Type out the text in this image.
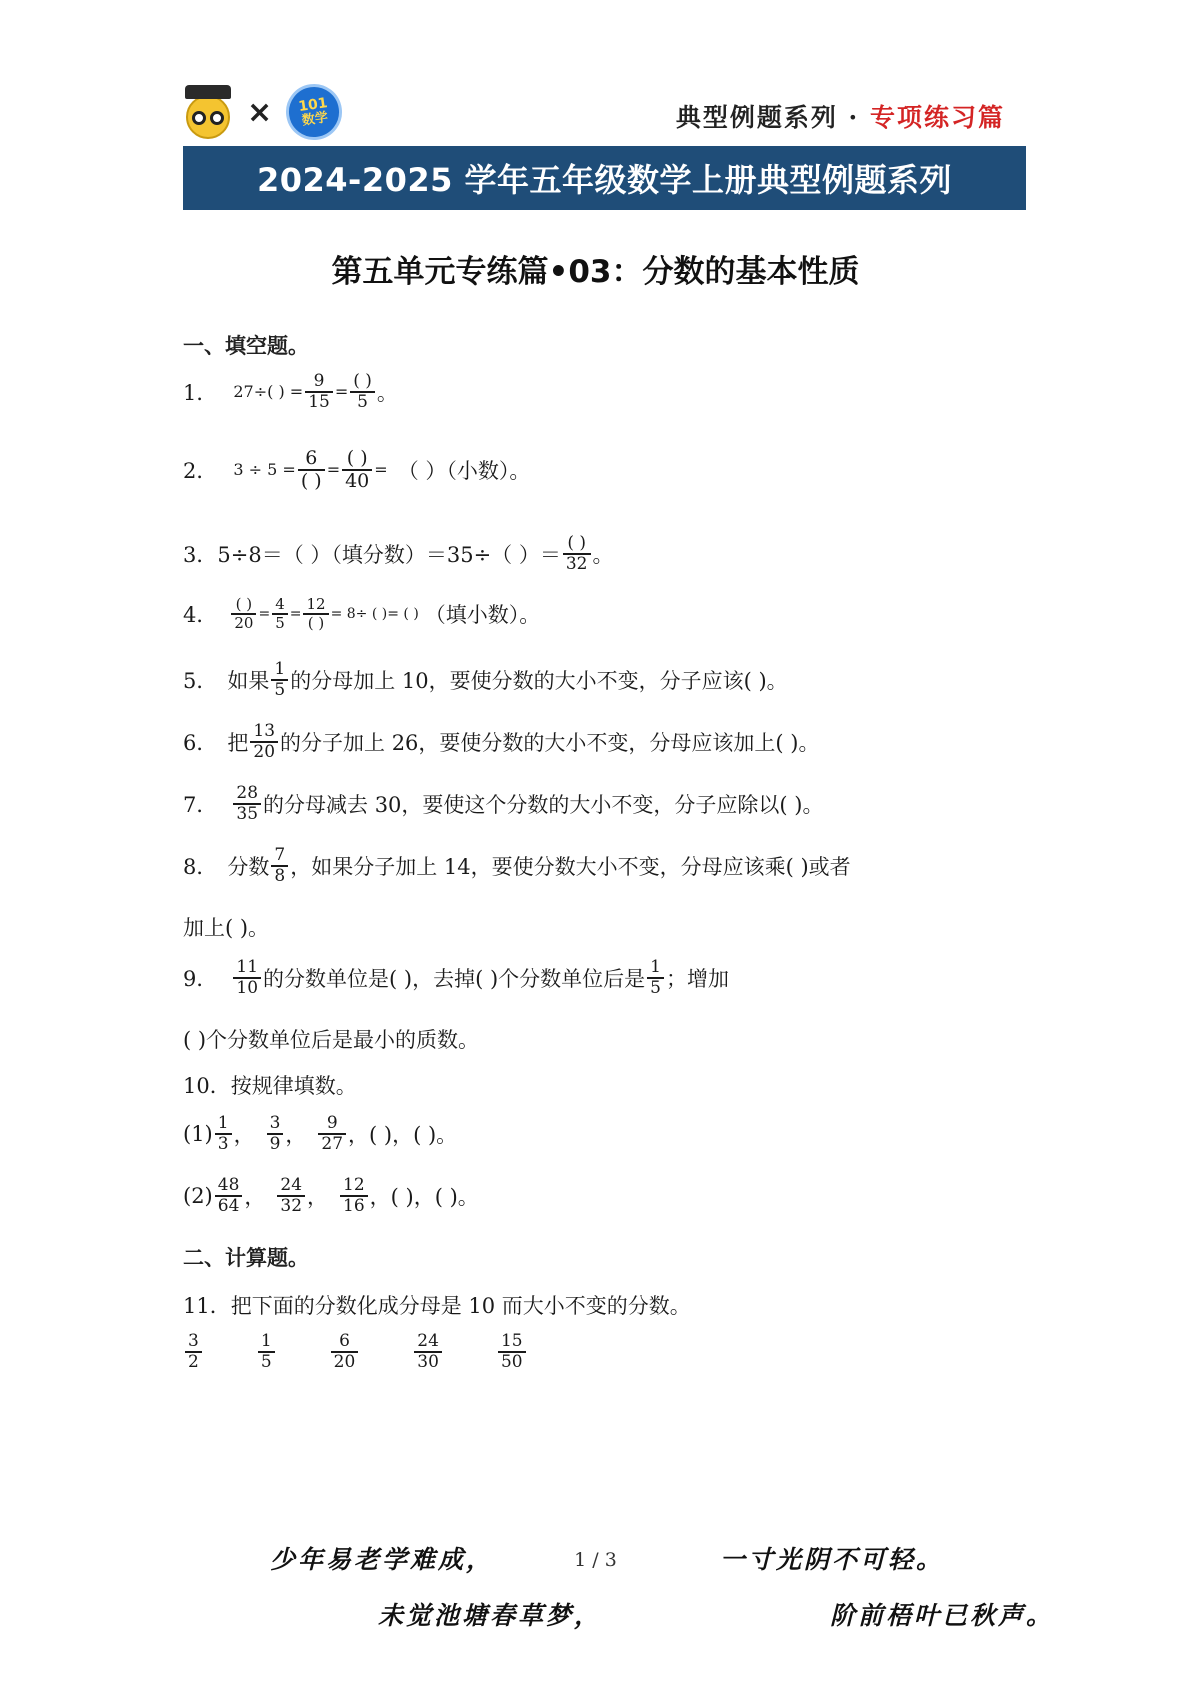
× 101
数学	典型例题系列 · 专项练习篇
2024-2025 学年五年级数学上册典型例题系列
第五单元专练篇•03：分数的基本性质
一、填空题。
1． 27÷( ) = $\frac{9}{15} = \frac{( )}{5}$ 。
2． $3 \div 5 = \frac{6}{( )} = \frac{( )}{40}$ = （ ）（小数）。
3． 5÷8＝（ ）（填分数）＝35÷（ ）＝ $\frac{( )}{32}$ 。
4． $\frac{( )}{20} = \frac{4}{5} = \frac{12}{( )} = 8\div$ ( )= ( ) （填小数）。
5． 如果 $\frac{1}{5}$ 的分母加上 10，要使分数的大小不变，分子应该( )。
6． 把 $\frac{13}{20}$ 的分子加上 26，要使分数的大小不变，分母应该加上( )。
7． $\frac{28}{35}$ 的分母减去 30，要使这个分数的大小不变，分子应除以( )。
8． 分数 $\frac{7}{8}$ ，如果分子加上 14，要使分数大小不变，分母应该乘( )或者
加上( )。
9． $\frac{11}{10}$ 的分数单位是( )，去掉( )个分数单位后是 $\frac{1}{5}$ ；增加
( )个分数单位后是最小的质数。
10．按规律填数。
$(1) \frac{1}{3}$ ， $\frac{3}{9}$ ， $\frac{9}{27}$ ，( )，( )。
$(2) \frac{48}{64}$ ， $\frac{24}{32}$ ， $\frac{12}{16}$ ，( )，( )。
二、计算题。
11．把下面的分数化成分母是 10 而大小不变的分数。
$\frac{3}{2}$	$\frac{1}{5}$	$\frac{6}{20}$	$\frac{24}{30}$	$\frac{15}{50}$
少年易老学难成，	1 / 3	一寸光阴不可轻。
未觉池塘春草梦，	阶前梧叶已秋声。
